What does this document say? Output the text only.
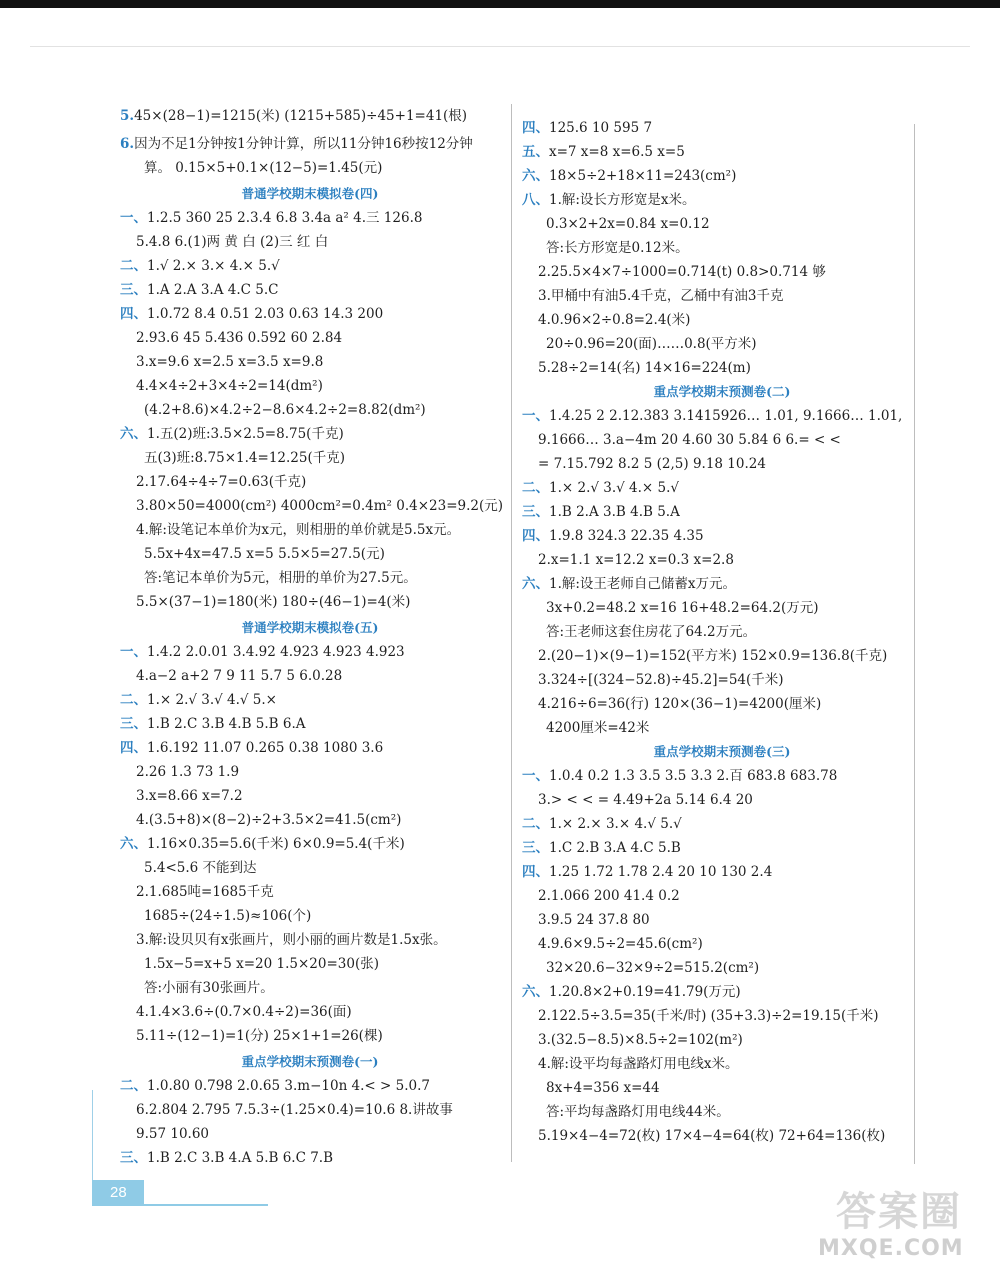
5.45×(28−1)=1215(米) (1215+585)÷45+1=41(根)
6.因为不足1分钟按1分钟计算，所以11分钟16秒按12分钟
算。 0.15×5+0.1×(12−5)=1.45(元)
普通学校期末模拟卷(四)
一、1.2.5 360 25 2.3.4 6.8 3.4a a² 4.三 126.8
5.4.8 6.(1)两 黄 白 (2)三 红 白
二、1.√ 2.× 3.× 4.× 5.√
三、1.A 2.A 3.A 4.C 5.C
四、1.0.72 8.4 0.51 2.03 0.63 14.3 200
2.93.6 45 5.436 0.592 60 2.84
3.x=9.6 x=2.5 x=3.5 x=9.8
4.4×4÷2+3×4÷2=14(dm²)
(4.2+8.6)×4.2÷2−8.6×4.2÷2=8.82(dm²)
六、1.五(2)班:3.5×2.5=8.75(千克)
五(3)班:8.75×1.4=12.25(千克)
2.17.64÷4÷7=0.63(千克)
3.80×50=4000(cm²) 4000cm²=0.4m² 0.4×23=9.2(元)
4.解:设笔记本单价为x元，则相册的单价就是5.5x元。
5.5x+4x=47.5 x=5 5.5×5=27.5(元)
答:笔记本单价为5元，相册的单价为27.5元。
5.5×(37−1)=180(米) 180÷(46−1)=4(米)
普通学校期末模拟卷(五)
一、1.4.2 2.0.01 3.4.92 4.923 4.923 4.923
4.a−2 a+2 7 9 11 5.7 5 6.0.28
二、1.× 2.√ 3.√ 4.√ 5.×
三、1.B 2.C 3.B 4.B 5.B 6.A
四、1.6.192 11.07 0.265 0.38 1080 3.6
2.26 1.3 73 1.9
3.x=8.66 x=7.2
4.(3.5+8)×(8−2)÷2+3.5×2=41.5(cm²)
六、1.16×0.35=5.6(千米) 6×0.9=5.4(千米)
5.4<5.6 不能到达
2.1.685吨=1685千克
1685÷(24÷1.5)≈106(个)
3.解:设贝贝有x张画片，则小丽的画片数是1.5x张。
1.5x−5=x+5 x=20 1.5×20=30(张)
答:小丽有30张画片。
4.1.4×3.6÷(0.7×0.4÷2)=36(面)
5.11÷(12−1)=1(分) 25×1+1=26(棵)
重点学校期末预测卷(一)
二、1.0.80 0.798 2.0.65 3.m−10n 4.< > 5.0.7
6.2.804 2.795 7.5.3÷(1.25×0.4)=10.6 8.讲故事
9.57 10.60
三、1.B 2.C 3.B 4.A 5.B 6.C 7.B
四、125.6 10 595 7
五、x=7 x=8 x=6.5 x=5
六、18×5÷2+18×11=243(cm²)
八、1.解:设长方形宽是x米。
0.3×2+2x=0.84 x=0.12
答:长方形宽是0.12米。
2.25.5×4×7÷1000=0.714(t) 0.8>0.714 够
3.甲桶中有油5.4千克，乙桶中有油3千克
4.0.96×2÷0.8=2.4(米)
20÷0.96=20(面)……0.8(平方米)
5.28÷2=14(名) 14×16=224(m)
重点学校期末预测卷(二)
一、1.4.25 2 2.12.383 3.1415926… 1.01, 9.1666… 1.01,
9.1666… 3.a−4m 20 4.60 30 5.84 6 6.= < <
= 7.15.792 8.2 5 (2,5) 9.18 10.24
二、1.× 2.√ 3.√ 4.× 5.√
三、1.B 2.A 3.B 4.B 5.A
四、1.9.8 324.3 22.35 4.35
2.x=1.1 x=12.2 x=0.3 x=2.8
六、1.解:设王老师自己储蓄x万元。
3x+0.2=48.2 x=16 16+48.2=64.2(万元)
答:王老师这套住房花了64.2万元。
2.(20−1)×(9−1)=152(平方米) 152×0.9=136.8(千克)
3.324÷[(324−52.8)÷45.2]=54(千米)
4.216÷6=36(行) 120×(36−1)=4200(厘米)
4200厘米=42米
重点学校期末预测卷(三)
一、1.0.4 0.2 1.3 3.5 3.5 3.3 2.百 683.8 683.78
3.> < < = 4.49+2a 5.14 6.4 20
二、1.× 2.× 3.× 4.√ 5.√
三、1.C 2.B 3.A 4.C 5.B
四、1.25 1.72 1.78 2.4 20 10 130 2.4
2.1.066 200 41.4 0.2
3.9.5 24 37.8 80
4.9.6×9.5÷2=45.6(cm²)
32×20.6−32×9÷2=515.2(cm²)
六、1.20.8×2+0.19=41.79(万元)
2.122.5÷3.5=35(千米/时) (35+3.3)÷2=19.15(千米)
3.(32.5−8.5)×8.5÷2=102(m²)
4.解:设平均每盏路灯用电线x米。
8x+4=356 x=44
答:平均每盏路灯用电线44米。
5.19×4−4=72(枚) 17×4−4=64(枚) 72+64=136(枚)
28	答案圈
MXQE.COM
